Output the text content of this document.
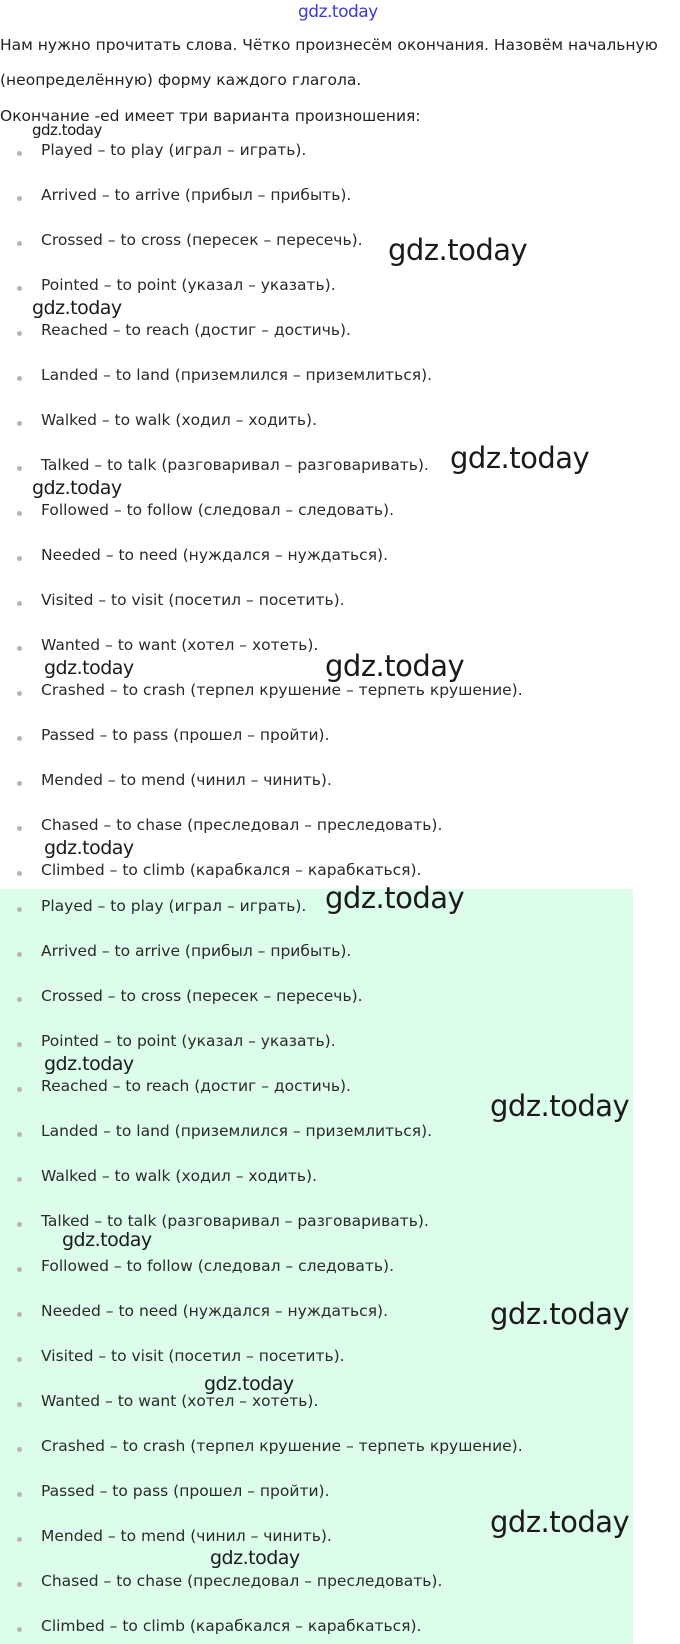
gdz.today
Нам нужно прочитать слова. Чётко произнесём окончания. Назовём начальную
(неопределённую) форму каждого глагола.
Окончание -ed имеет три варианта произношения:
Played – to play (играл – играть).
Arrived – to arrive (прибыл – прибыть).
Crossed – to cross (пересек – пересечь).
Pointed – to point (указал – указать).
Reached – to reach (достиг – достичь).
Landed – to land (приземлился – приземлиться).
Walked – to walk (ходил – ходить).
Talked – to talk (разговаривал – разговаривать).
Followed – to follow (следовал – следовать).
Needed – to need (нуждался – нуждаться).
Visited – to visit (посетил – посетить).
Wanted – to want (хотел – хотеть).
Crashed – to crash (терпел крушение – терпеть крушение).
Passed – to pass (прошел – пройти).
Mended – to mend (чинил – чинить).
Chased – to chase (преследовал – преследовать).
Climbed – to climb (карабкался – карабкаться).
Played – to play (играл – играть).
Arrived – to arrive (прибыл – прибыть).
Crossed – to cross (пересек – пересечь).
Pointed – to point (указал – указать).
Reached – to reach (достиг – достичь).
Landed – to land (приземлился – приземлиться).
Walked – to walk (ходил – ходить).
Talked – to talk (разговаривал – разговаривать).
Followed – to follow (следовал – следовать).
Needed – to need (нуждался – нуждаться).
Visited – to visit (посетил – посетить).
Wanted – to want (хотел – хотеть).
Crashed – to crash (терпел крушение – терпеть крушение).
Passed – to pass (прошел – пройти).
Mended – to mend (чинил – чинить).
Chased – to chase (преследовал – преследовать).
Climbed – to climb (карабкался – карабкаться).
gdz.today
gdz.today
gdz.today
gdz.today
gdz.today
gdz.today	gdz.today
gdz.today
gdz.today
gdz.today
gdz.today
gdz.today
gdz.today
gdz.today
gdz.today
gdz.today
